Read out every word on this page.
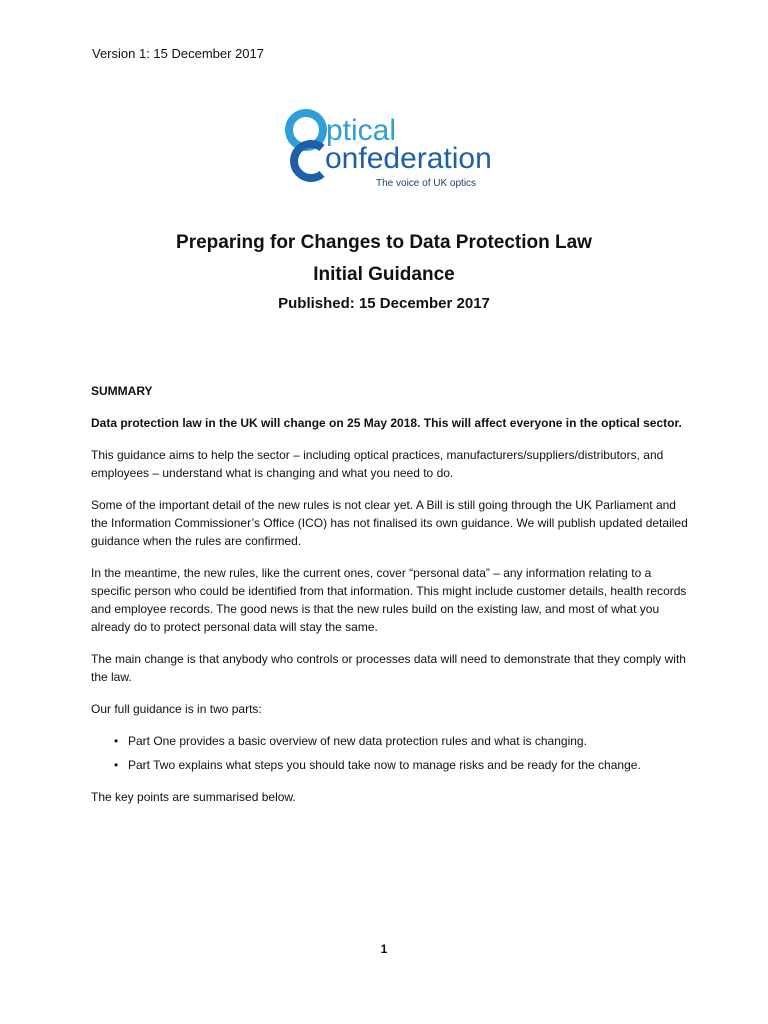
Version 1: 15 December 2017
ptical
onfederation
The voice of UK optics
Preparing for Changes to Data Protection Law
Initial Guidance
Published: 15 December 2017
SUMMARY

Data protection law in the UK will change on 25 May 2018. This will affect everyone in the optical sector.

This guidance aims to help the sector – including optical practices, manufacturers/suppliers/distributors, and employees – understand what is changing and what you need to do.

Some of the important detail of the new rules is not clear yet. A Bill is still going through the UK Parliament and the Information Commissioner’s Office (ICO) has not finalised its own guidance. We will publish updated detailed guidance when the rules are confirmed.

In the meantime, the new rules, like the current ones, cover “personal data” – any information relating to a specific person who could be identified from that information. This might include customer details, health records and employee records. The good news is that the new rules build on the existing law, and most of what you already do to protect personal data will stay the same.

The main change is that anybody who controls or processes data will need to demonstrate that they comply with the law.

Our full guidance is in two parts:

• Part One provides a basic overview of new data protection rules and what is changing.
• Part Two explains what steps you should take now to manage risks and be ready for the change.

The key points are summarised below.

1
